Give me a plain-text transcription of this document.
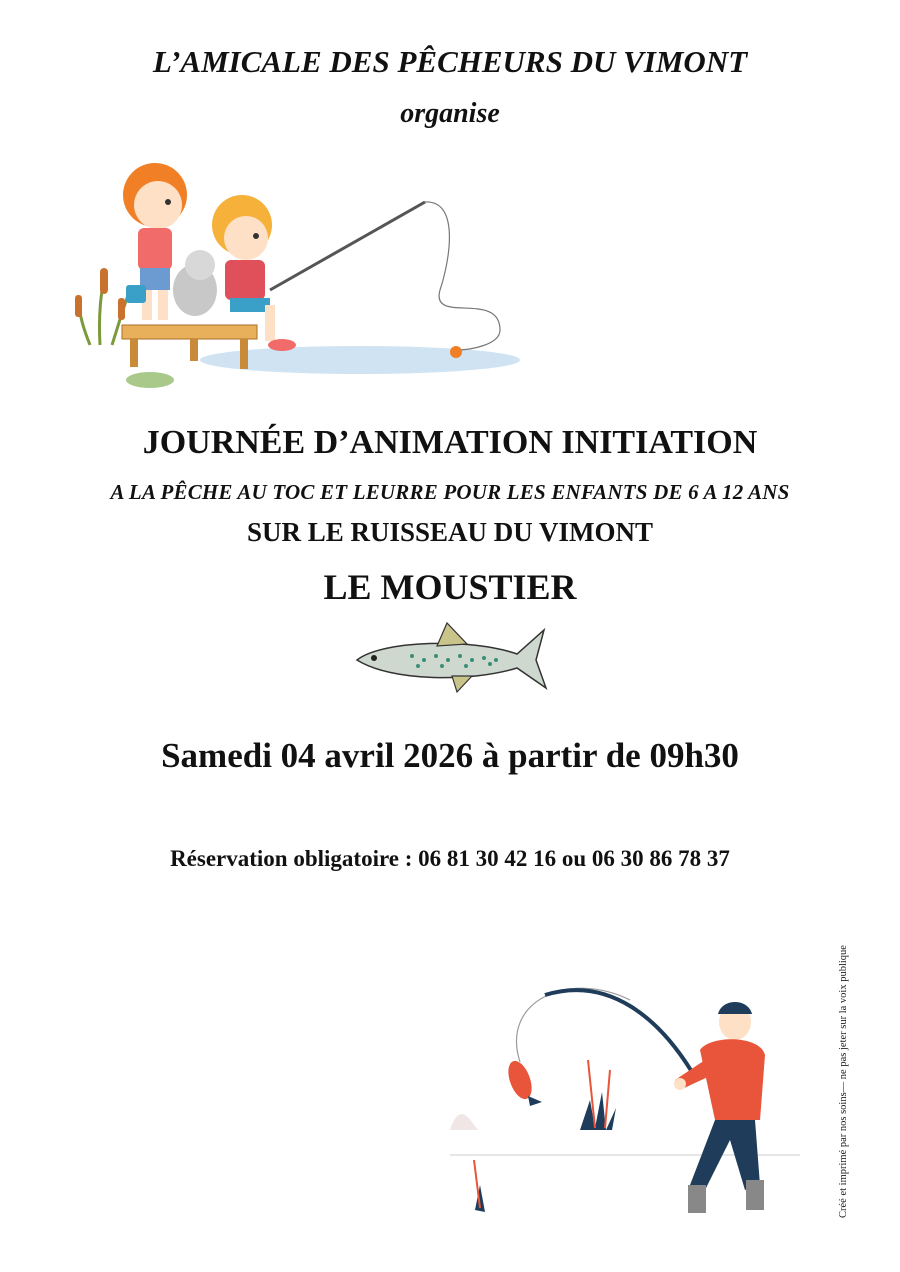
L’AMICALE DES PÊCHEURS DU VIMONT
organise
JOURNÉE D’ANIMATION INITIATION
A LA PÊCHE AU TOC ET LEURRE POUR LES ENFANTS DE 6 A 12 ANS
SUR LE RUISSEAU DU VIMONT
LE MOUSTIER
Samedi 04 avril 2026 à partir de 09h30
Réservation obligatoire : 06 81 30 42 16 ou 06 30 86 78 37
Créé et imprimé par nos soins— ne pas jeter sur la voix publique
